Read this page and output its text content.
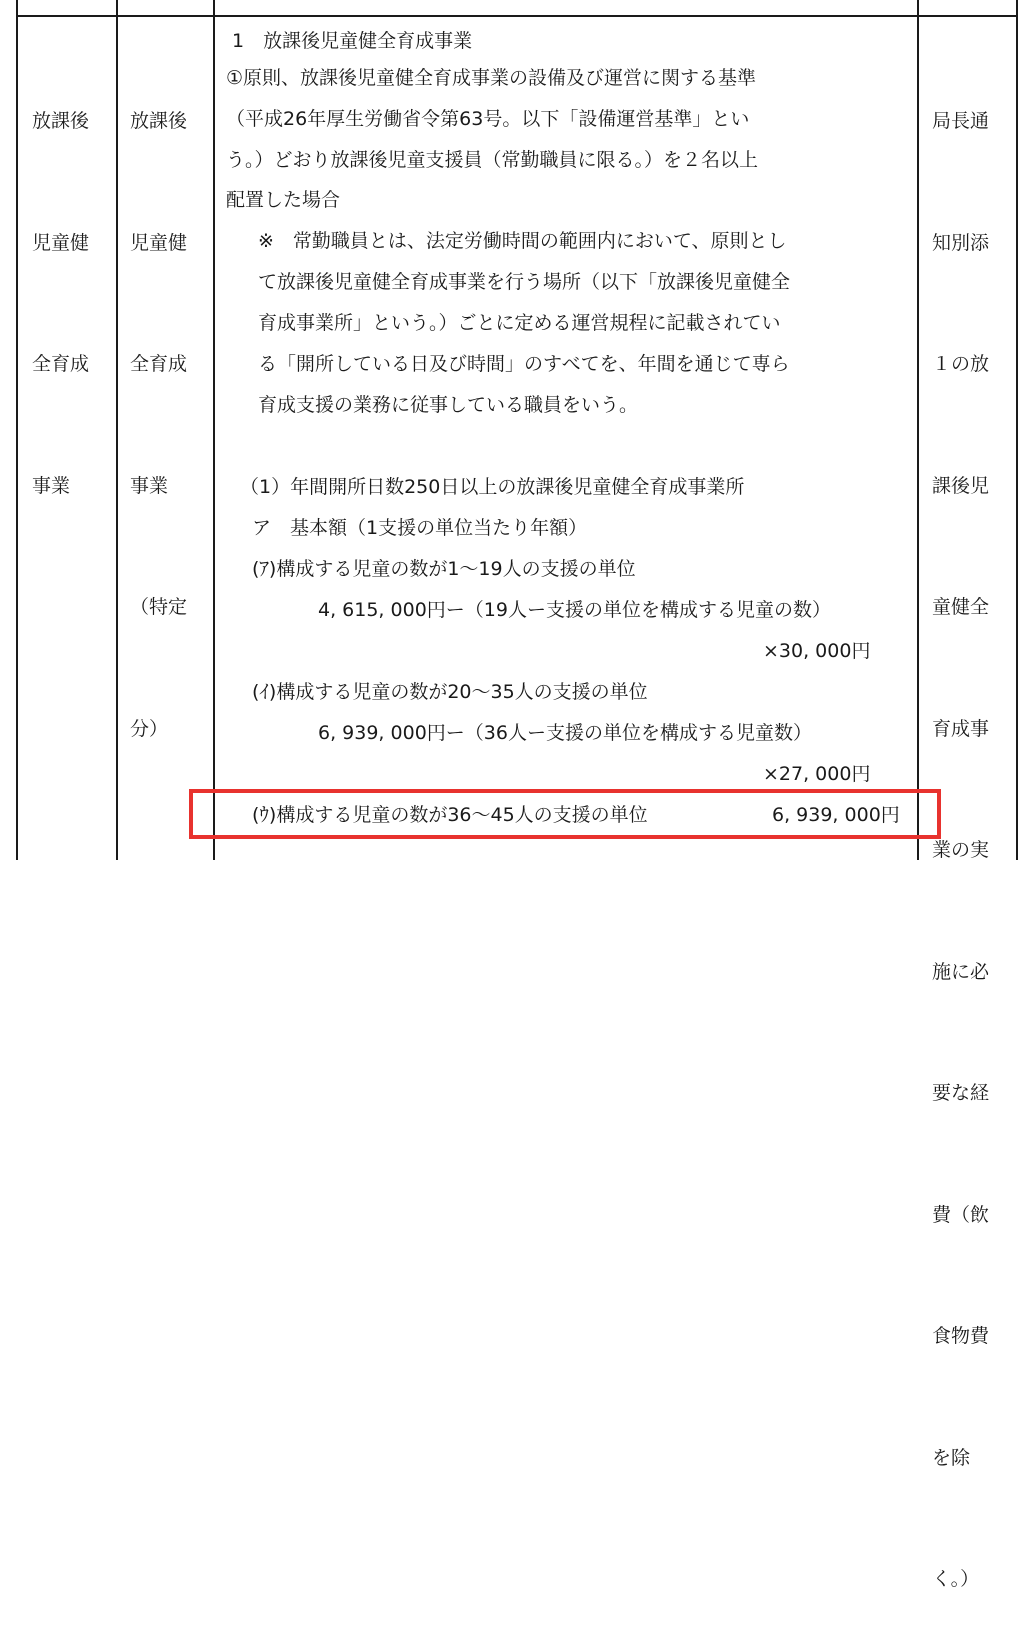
放課後

児童健

全育成

事業

放課後

児童健

全育成

事業

（特定

分）

1　放課後児童健全育成事業
①原則、放課後児童健全育成事業の設備及び運営に関する基準
（平成26年厚生労働省令第63号。以下「設備運営基準」とい
う。）どおり放課後児童支援員（常勤職員に限る。）を２名以上
配置した場合
※　常勤職員とは、法定労働時間の範囲内において、原則とし
て放課後児童健全育成事業を行う場所（以下「放課後児童健全
育成事業所」という。）ごとに定める運営規程に記載されてい
る「開所している日及び時間」のすべてを、年間を通じて専ら
育成支援の業務に従事している職員をいう。
（1）年間開所日数250日以上の放課後児童健全育成事業所
ア　基本額（1支援の単位当たり年額）
(ｱ)構成する児童の数が1～19人の支援の単位
4, 615, 000円ー（19人ー支援の単位を構成する児童の数）
×30, 000円
(ｲ)構成する児童の数が20～35人の支援の単位
6, 939, 000円ー（36人ー支援の単位を構成する児童数）
×27, 000円
(ｳ)構成する児童の数が36～45人の支援の単位	6, 939, 000円

局長通

知別添

１の放

課後児

童健全

育成事

業の実

施に必

要な経

費（飲

食物費

を除

く。）
